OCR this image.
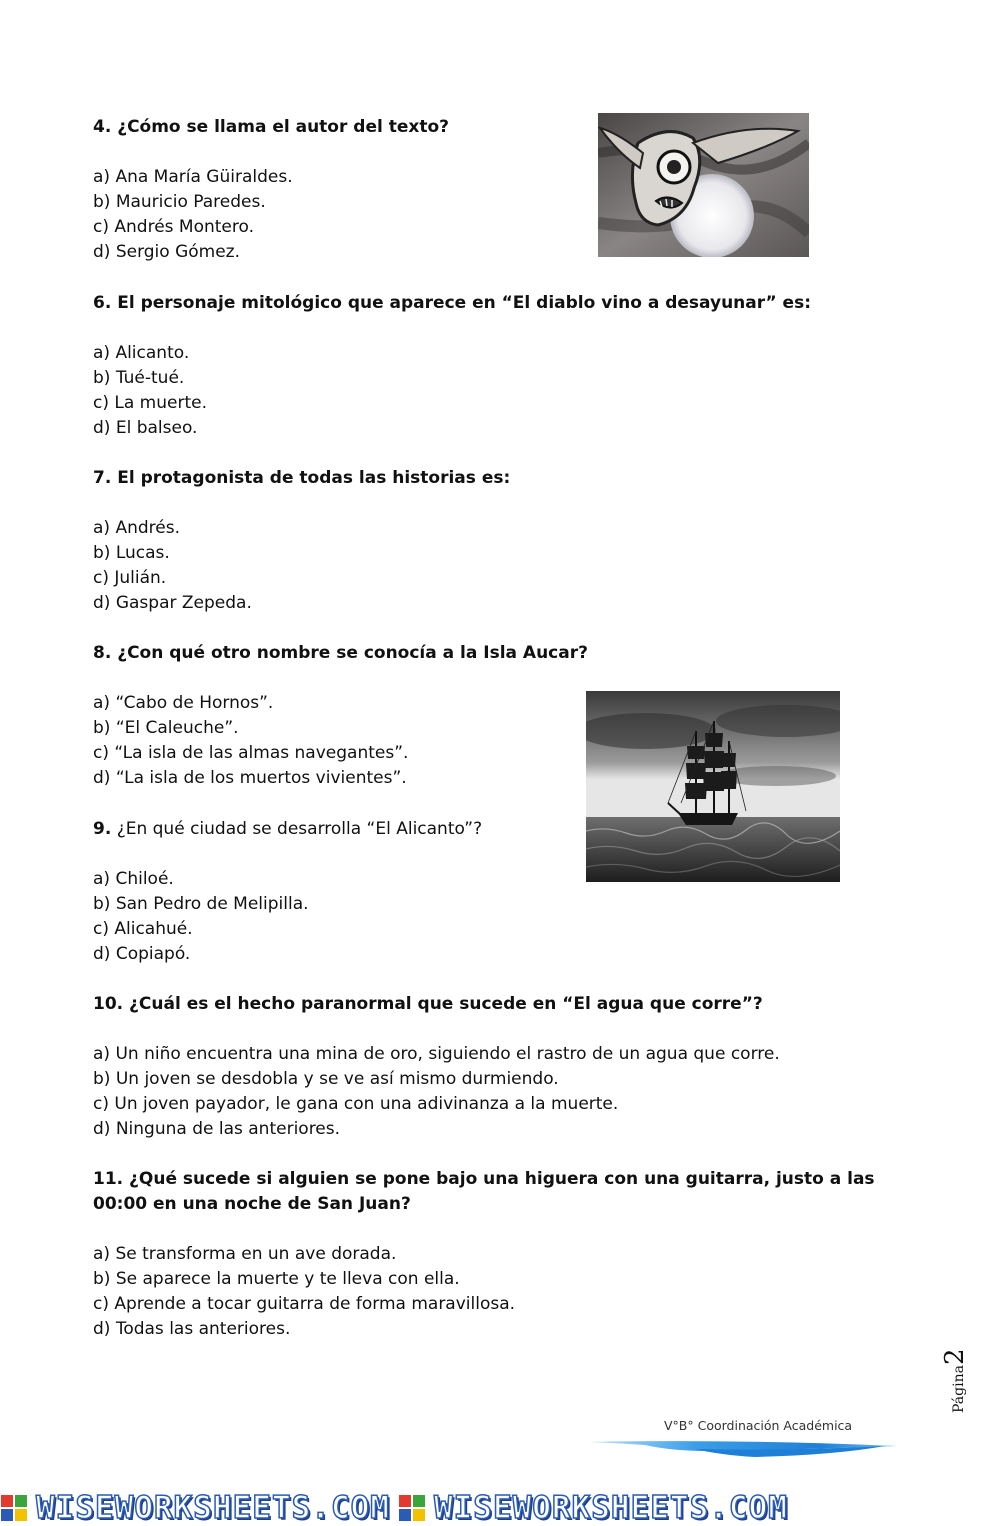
4. ¿Cómo se llama el autor del texto?

a) Ana María Güiraldes.

b) Mauricio Paredes.

c) Andrés Montero.

d) Sergio Gómez.

6. El personaje mitológico que aparece en “El diablo vino a desayunar” es:

a) Alicanto.

b) Tué-tué.

c) La muerte.

d) El balseo.

7. El protagonista de todas las historias es:

a) Andrés.

b) Lucas.

c) Julián.

d) Gaspar Zepeda.

8. ¿Con qué otro nombre se conocía a la Isla Aucar?

a) “Cabo de Hornos”.

b) “El Caleuche”.

c) “La isla de las almas navegantes”.

d) “La isla de los muertos vivientes”.

9. ¿En qué ciudad se desarrolla “El Alicanto”?

a) Chiloé.

b) San Pedro de Melipilla.

c) Alicahué.

d) Copiapó.

10. ¿Cuál es el hecho paranormal que sucede en “El agua que corre”?

a) Un niño encuentra una mina de oro, siguiendo el rastro de un agua que corre.

b) Un joven se desdobla y se ve así mismo durmiendo.

c) Un joven payador, le gana con una adivinanza a la muerte.

d) Ninguna de las anteriores.

11. ¿Qué sucede si alguien se pone bajo una higuera con una guitarra, justo a las 00:00 en una noche de San Juan?

a) Se transforma en un ave dorada.

b) Se aparece la muerte y te lleva con ella.

c) Aprende a tocar guitarra de forma maravillosa.

d) Todas las anteriores.

Página2
V°B° Coordinación Académica
WISEWORKSHEETS.COM WISEWORKSHEETS.COM
